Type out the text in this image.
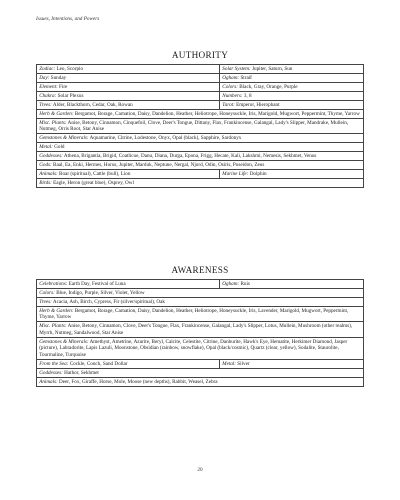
Issues, Intentions, and Powers
AUTHORITY
Zodiac: Leo, Scorpio	Solar System: Jupiter, Saturn, Sun
Day: Sunday	Ogham: Straif
Element: Fire	Colors: Black, Gray, Orange, Purple
Chakra: Solar Plexus	Numbers: 3, 8
Trees: Alder, Blackthorn, Cedar, Oak, Rowan	Tarot: Emperor, Hierophant
Herb & Garden: Bergamot, Borage, Carnation, Daisy, Dandelion, Heather, Heliotrope, Honeysuckle, Iris, Marigold, Mugwort, Peppermint, Thyme, Yarrow	
Misc. Plants: Anise, Betony, Cinnamon, Cinquefoil, Clove, Deer's Tongue, Dittany, Flax, Frankincense, Galangal, Lady's Slipper, Mandrake, Mullein, Nutmeg, Orris Root, Star Anise	
Gemstones & Minerals: Aquamarine, Citrine, Lodestone, Onyx, Opal (black), Sapphire, Sardonyx	
Metal: Gold	
Goddesses: Athena, Brigantia, Brigid, Coatlicue, Danu, Diana, Durga, Epona, Frigg, Hecate, Kali, Lakshmi, Nemesis, Sekhmet, Venus	
Gods: Baal, Ea, Enki, Hermes, Horus, Jupiter, Marduk, Neptune, Nergal, Njord, Odin, Osiris, Poseidon, Zeus	
Animals: Boar (spiritual), Cattle (bull), Lion	Marine Life: Dolphin
Birds: Eagle, Heron (great blue), Osprey, Owl	
AWARENESS
Celebrations: Earth Day, Festival of Luna	Ogham: Ruis
Colors: Blue, Indigo, Purple, Silver, Violet, Yellow	
Trees: Acacia, Ash, Birch, Cypress, Fir (silver/spiritual), Oak	
Herb & Garden: Bergamot, Borage, Carnation, Daisy, Dandelion, Heather, Heliotrope, Honeysuckle, Iris, Lavender, Marigold, Mugwort, Peppermint, Thyme, Yarrow	
Misc. Plants: Anise, Betony, Cinnamon, Clove, Deer's Tongue, Flax, Frankincense, Galangal, Lady's Slipper, Lotus, Mullein, Mushroom (other realms), Myrrh, Nutmeg, Sandalwood, Star Anise	
Gemstones & Minerals: Amethyst, Ametrine, Azurite, Beryl, Calcite, Celestite, Citrine, Danburite, Hawk's Eye, Hematite, Herkimer Diamond, Jasper (picture), Labradorite, Lapis Lazuli, Moonstone, Obsidian (rainbow, snowflake), Opal (black/cosmic), Quartz (clear, yellow), Sodalite, Staurolite, Tourmaline, Turquoise	
From the Sea: Cockle, Conch, Sand Dollar	Metal: Silver
Goddesses: Hathor, Sekhmet	
Animals: Deer, Fox, Giraffe, Horse, Mole, Moose (new depths), Rabbit, Weasel, Zebra	
20
